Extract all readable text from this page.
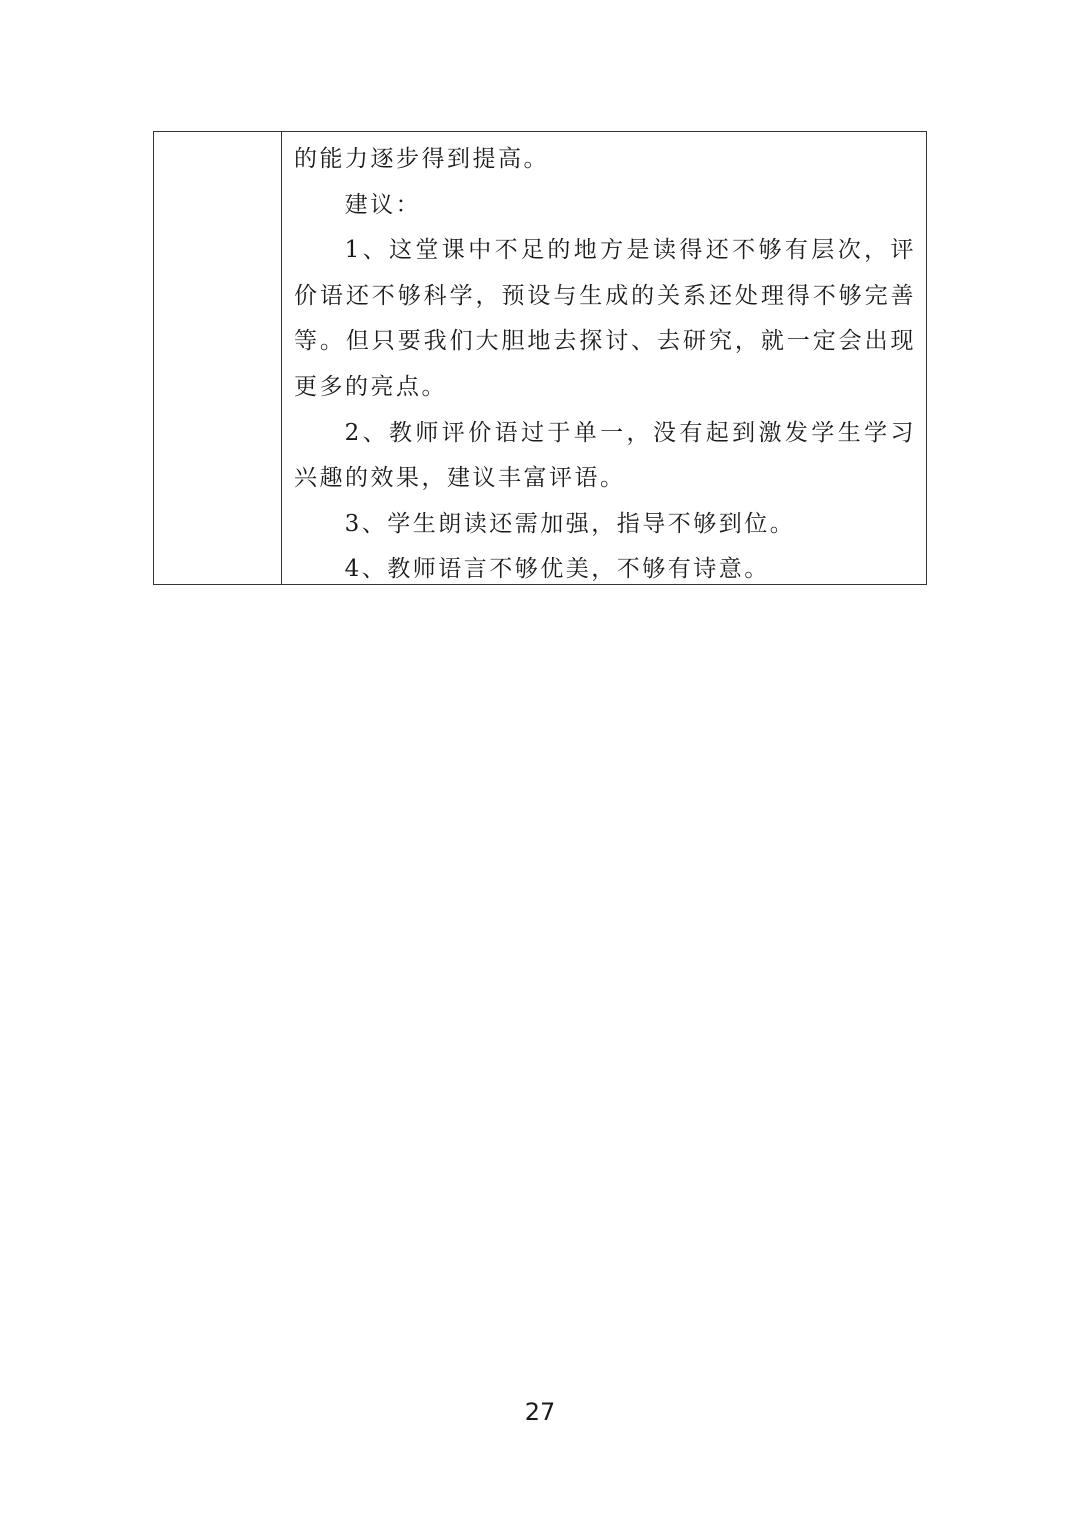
的能力逐步得到提高。

建议：

1、这堂课中不足的地方是读得还不够有层次，评价语还不够科学，预设与生成的关系还处理得不够完善等。但只要我们大胆地去探讨、去研究，就一定会出现更多的亮点。

2、教师评价语过于单一，没有起到激发学生学习兴趣的效果，建议丰富评语。

3、学生朗读还需加强，指导不够到位。

4、教师语言不够优美，不够有诗意。

27
